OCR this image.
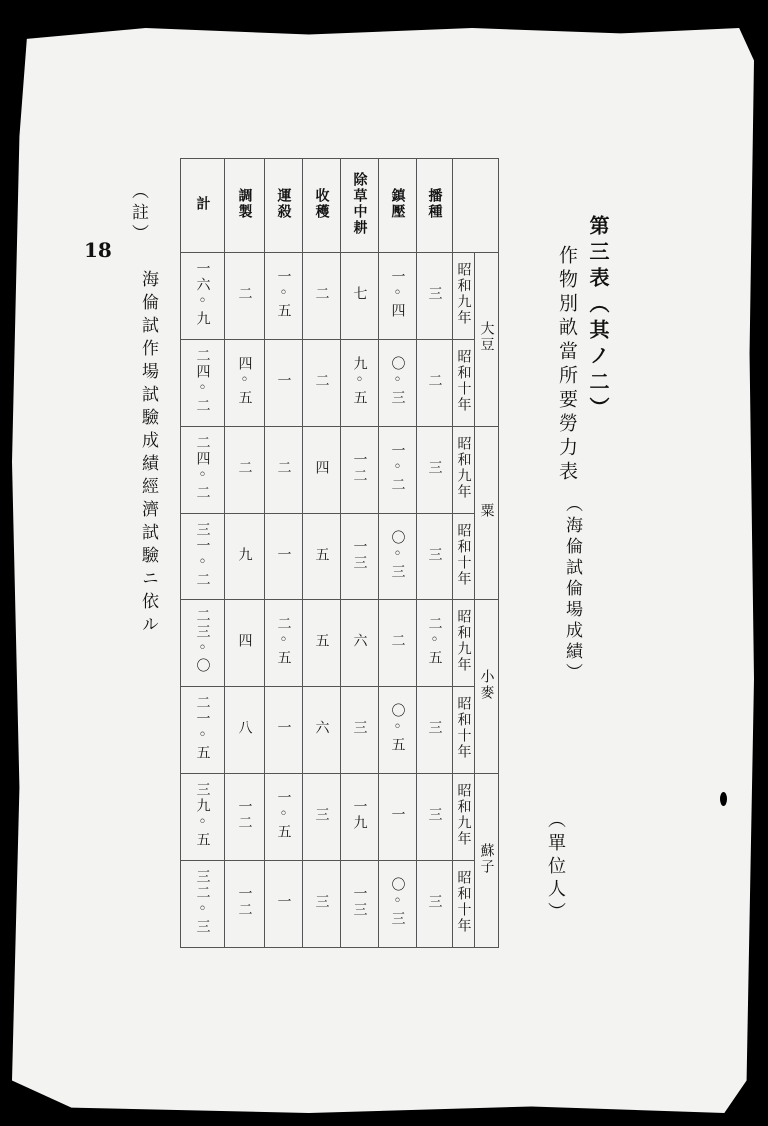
18	第三表（其ノ二）
作物別畝當所要勞力表
（海倫試倫場成績）
（單位人）
（註）
海倫試作場試驗成績經濟試驗ニ依ル
計	調製	運殺	收穫	除草中耕	鎮壓	播種		
一六◦九	二	一◦五	二	七	一◦四	三	昭和九年	大豆
二四◦二	四◦五	一	二	九◦五	〇◦三	二	昭和十年	
二四◦二	二	二	四	一二	一◦二	三	昭和九年	粟
三一◦二	九	一	五	一三	〇◦三	三	昭和十年	
二三◦〇	四	二◦五	五	六	二	二◦五	昭和九年	小麥
二一◦五	八	一	六	三	〇◦五	三	昭和十年	
三九◦五	一二	一◦五	三	一九	一	三	昭和九年	蘇子
三二◦三	一二	一	三	一三	〇◦三	三	昭和十年	
